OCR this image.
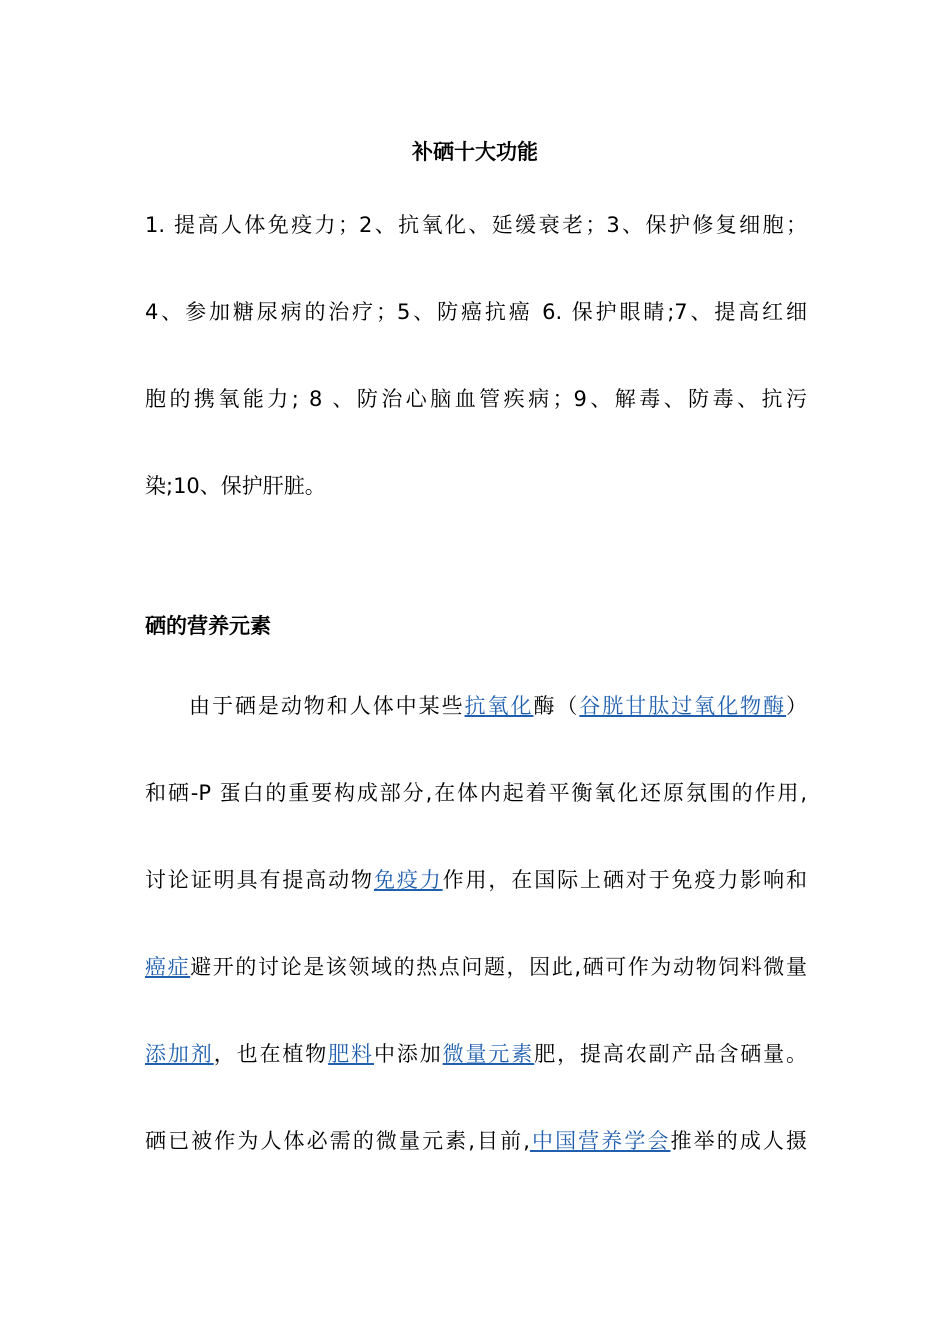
补硒十大功能
1. 提高人体免疫力；2、抗氧化、延缓衰老；3、保护修复细胞；
4、参加糖尿病的治疗；5、防癌抗癌 6. 保护眼睛;7、提高红细
胞的携氧能力; 8 、防治心脑血管疾病；9、解毒、防毒、抗污
染;10、保护肝脏。
硒的营养元素
由于硒是动物和人体中某些抗氧化酶（谷胱甘肽过氧化物酶）
和硒-P 蛋白的重要构成部分,在体内起着平衡氧化还原氛围的作用,
讨论证明具有提高动物免疫力作用，在国际上硒对于免疫力影响和
癌症避开的讨论是该领域的热点问题，因此,硒可作为动物饲料微量
添加剂，也在植物肥料中添加微量元素肥，提高农副产品含硒量。
硒已被作为人体必需的微量元素,目前,中国营养学会推举的成人摄
